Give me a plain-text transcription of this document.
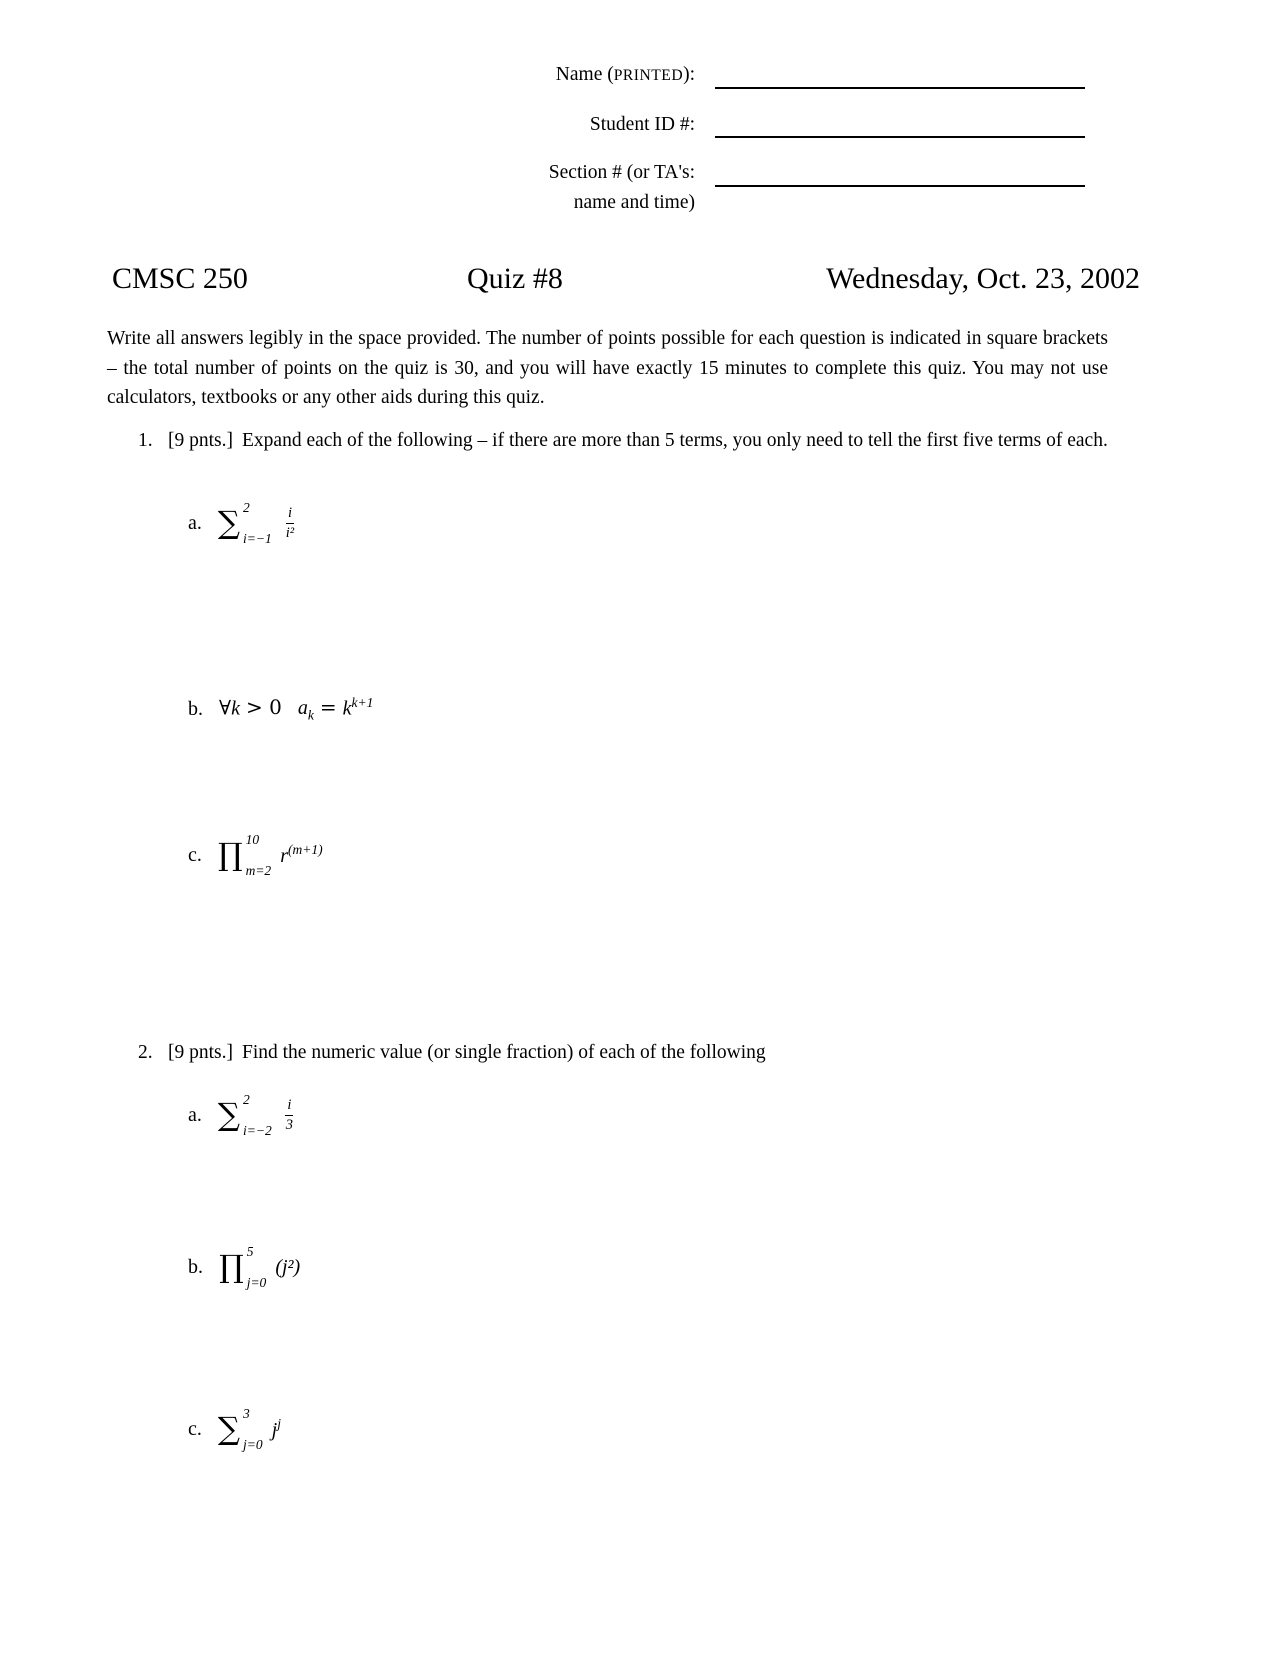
Name (PRINTED):
Student ID #:
Section # (or TA's:
name and time)
CMSC 250	Quiz #8	Wednesday, Oct. 23, 2002
Write all answers legibly in the space provided. The number of points possible for each question is indicated in square brackets – the total number of points on the quiz is 30, and you will have exactly 15 minutes to complete this quiz. You may not use calculators, textbooks or any other aids during this quiz.
1. [9 pnts.] Expand each of the following – if there are more than 5 terms, you only need to tell the first five terms of each.
a. ∑ 2
$i=-1 \frac{i}{\text{i²}}$
b. ∀k > 0 $a_k = k^{k+1}$
c. ∏ 10
m=2
$r^{(m+1)}$
2. [9 pnts.] Find the numeric value (or single fraction) of each of the following
a. ∑ 2
$i=-2 \frac{i}{3}$
b. ∏ 5
j=0
(j²)
c. ∑ 3
j=0
$j^j$
